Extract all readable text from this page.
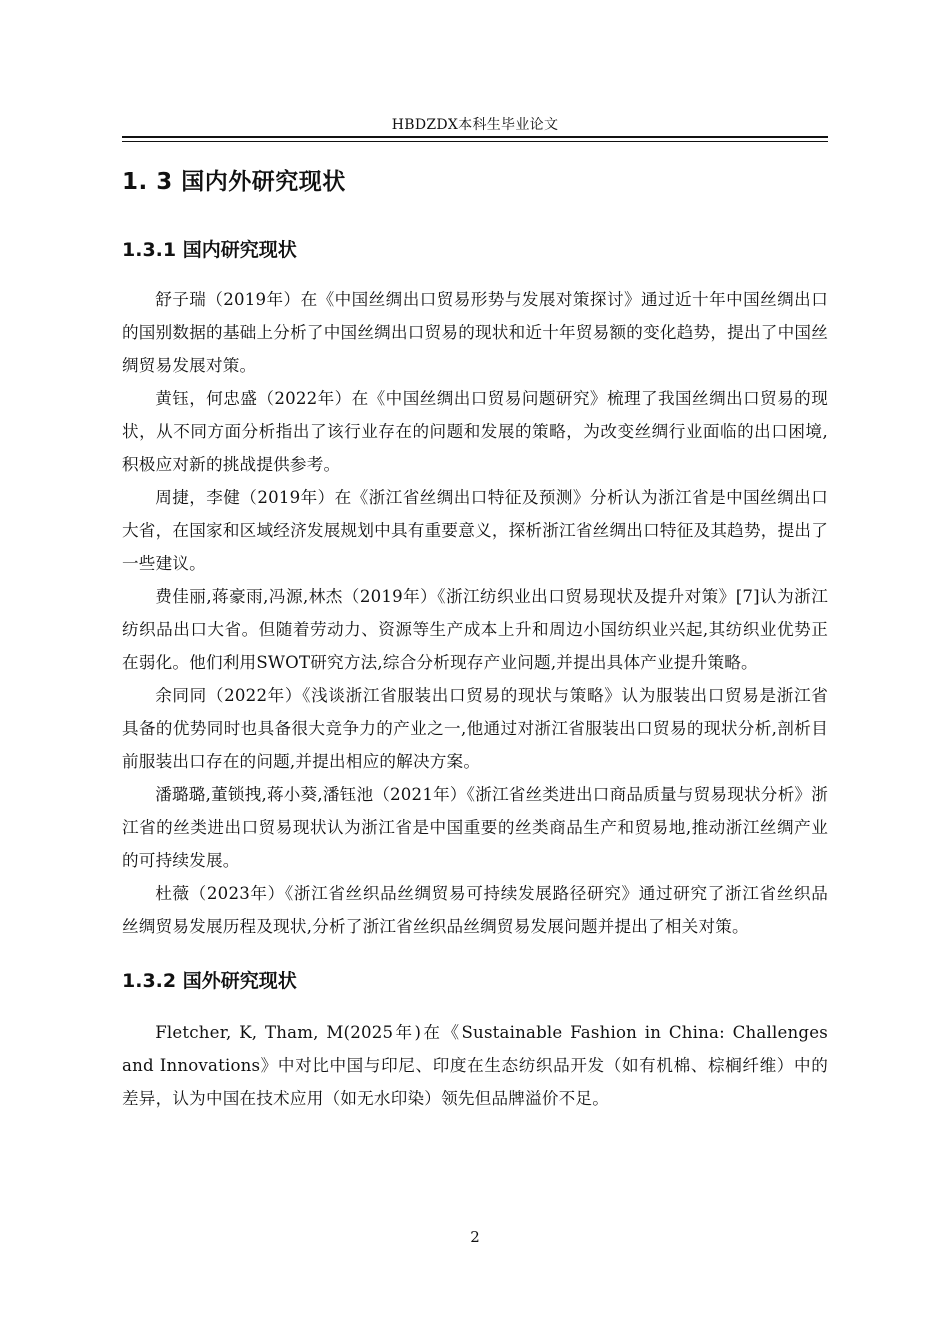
HBDZDX本科生毕业论文
1. 3 国内外研究现状
1.3.1 国内研究现状

舒子瑞（2019年）在《中国丝绸出口贸易形势与发展对策探讨》通过近十年中国丝绸出口的国别数据的基础上分析了中国丝绸出口贸易的现状和近十年贸易额的变化趋势，提出了中国丝绸贸易发展对策。

黄钰，何忠盛（2022年）在《中国丝绸出口贸易问题研究》梳理了我国丝绸出口贸易的现状，从不同方面分析指出了该行业存在的问题和发展的策略，为改变丝绸行业面临的出口困境,积极应对新的挑战提供参考。

周捷，李健（2019年）在《浙江省丝绸出口特征及预测》分析认为浙江省是中国丝绸出口大省，在国家和区域经济发展规划中具有重要意义，探析浙江省丝绸出口特征及其趋势，提出了一些建议。

费佳丽,蒋豪雨,冯源,林杰（2019年）《浙江纺织业出口贸易现状及提升对策》[7]认为浙江纺织品出口大省。但随着劳动力、资源等生产成本上升和周边小国纺织业兴起,其纺织业优势正在弱化。他们利用SWOT研究方法,综合分析现存产业问题,并提出具体产业提升策略。

余同同（2022年）《浅谈浙江省服装出口贸易的现状与策略》认为服装出口贸易是浙江省具备的优势同时也具备很大竞争力的产业之一,他通过对浙江省服装出口贸易的现状分析,剖析目前服装出口存在的问题,并提出相应的解决方案。

潘璐璐,董锁拽,蒋小葵,潘钰池（2021年）《浙江省丝类进出口商品质量与贸易现状分析》浙江省的丝类进出口贸易现状认为浙江省是中国重要的丝类商品生产和贸易地,推动浙江丝绸产业的可持续发展。

杜薇（2023年）《浙江省丝织品丝绸贸易可持续发展路径研究》通过研究了浙江省丝织品丝绸贸易发展历程及现状,分析了浙江省丝织品丝绸贸易发展问题并提出了相关对策。

1.3.2 国外研究现状

Fletcher, K, Tham, M(2025年)在《Sustainable Fashion in China: Challenges and Innovations》中对比中国与印尼、印度在生态纺织品开发（如有机棉、棕榈纤维）中的差异，认为中国在技术应用（如无水印染）领先但品牌溢价不足。

2
